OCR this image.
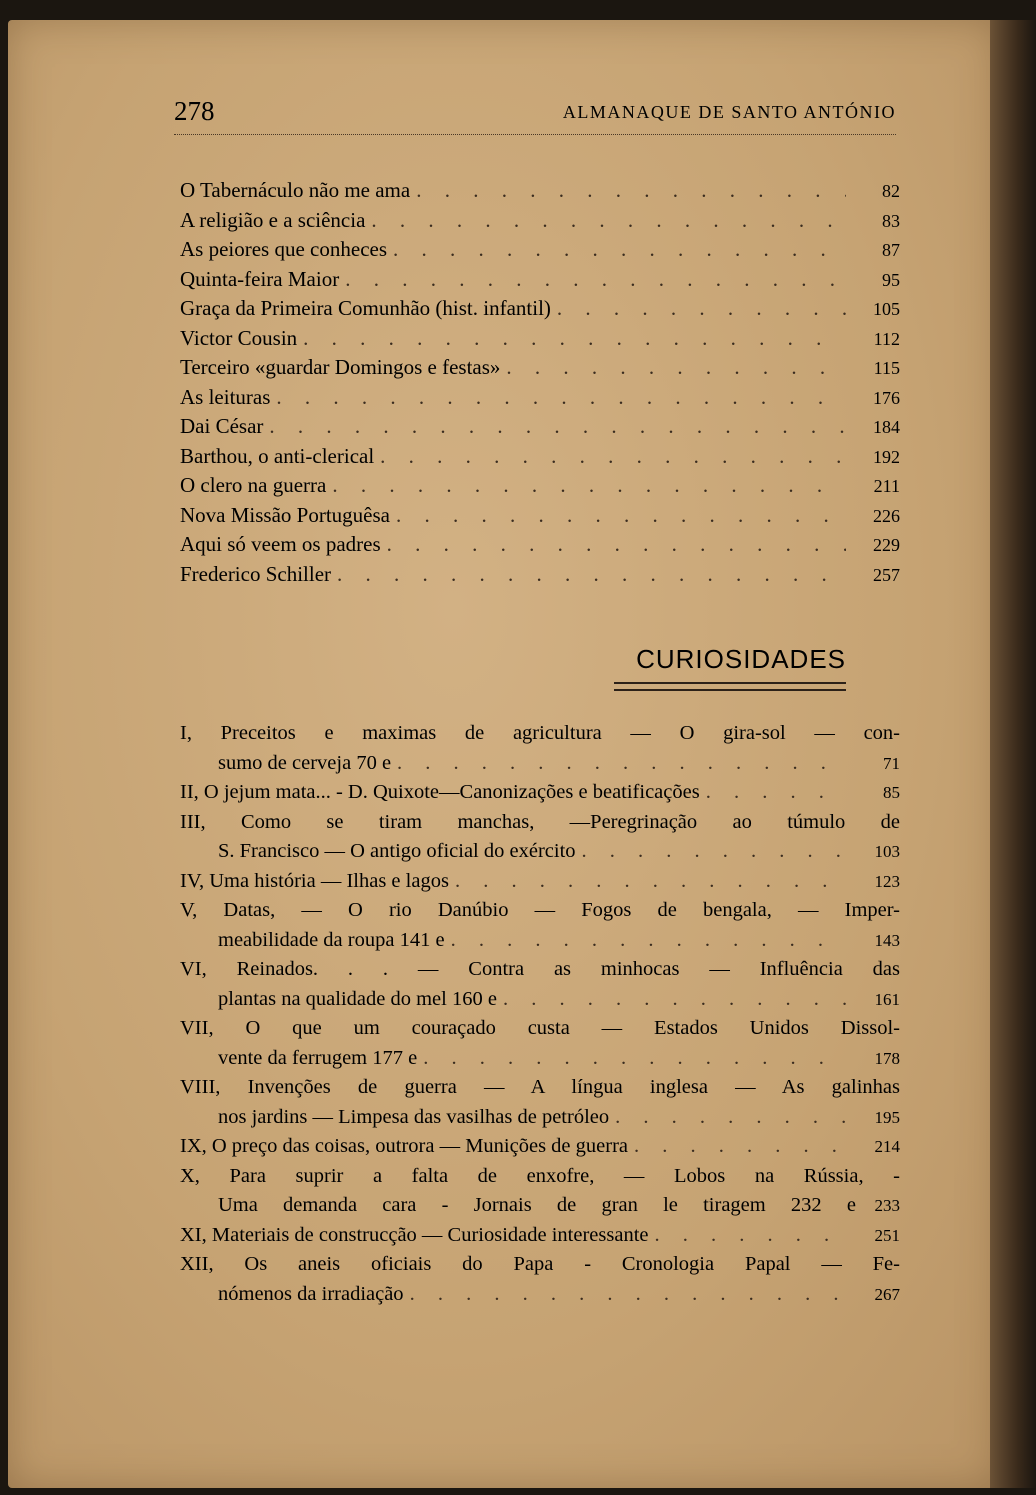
278	ALMANAQUE DE SANTO ANTÓNIO
O Tabernáculo não me ama . . .	82
A religião e a sciência . . .	83
As peiores que conheces . . .	87
Quinta-feira Maior . . .	95
Graça da Primeira Comunhão (hist. infantil) . . .	105
Victor Cousin . . .	112
Terceiro «guardar Domingos e festas» . . .	115
As leituras . . .	176
Dai César . . .	184
Barthou, o anti-clerical . . .	192
O clero na guerra . . .	211
Nova Missão Portuguêsa . . .	226
Aqui só veem os padres . . .	229
Frederico Schiller . . .	257
CURIOSIDADES
I, Preceitos e maximas de agricultura — O gira-sol — con-
sumo de cerveja 70 e . . .	71
II, O jejum mata... - D. Quixote—Canonizações e beatificações . . .	85
III, Como se tiram manchas, —Peregrinação ao túmulo de
S. Francisco — O antigo oficial do exército . . .	103
IV, Uma história — Ilhas e lagos . . .	123
V, Datas, — O rio Danúbio — Fogos de bengala, — Imper-
meabilidade da roupa 141 e . . .	143
VI, Reinados. . . — Contra as minhocas — Influência das
plantas na qualidade do mel 160 e . . .	161
VII, O que um couraçado custa — Estados Unidos Dissol-
vente da ferrugem 177 e . . .	178
VIII, Invenções de guerra — A língua inglesa — As galinhas
nos jardins — Limpesa das vasilhas de petróleo . . .	195
IX, O preço das coisas, outrora — Munições de guerra . . .	214
X, Para suprir a falta de enxofre, — Lobos na Rússia, -
Uma demanda cara - Jornais de gran le tiragem 232 e	233
XI, Materiais de construcção — Curiosidade interessante . . .	251
XII, Os aneis oficiais do Papa - Cronologia Papal — Fe-
nómenos da irradiação . . .	267
